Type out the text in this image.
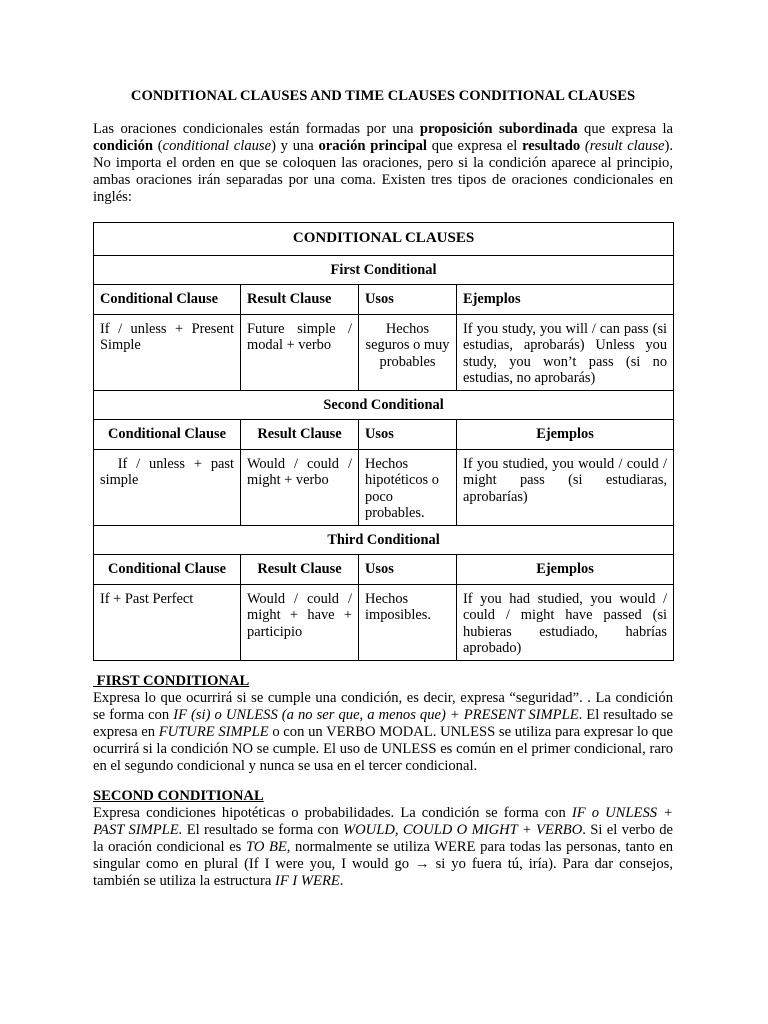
CONDITIONAL CLAUSES AND TIME CLAUSES CONDITIONAL CLAUSES

Las oraciones condicionales están formadas por una proposición subordinada que expresa la condición (conditional clause) y una oración principal que expresa el resultado (result clause). No importa el orden en que se coloquen las oraciones, pero si la condición aparece al principio, ambas oraciones irán separadas por una coma. Existen tres tipos de oraciones condicionales en inglés:

CONDITIONAL CLAUSES			
First Conditional			
Conditional Clause	Result Clause	Usos	Ejemplos
If / unless + Present Simple	Future simple / modal + verbo	Hechos seguros o muy probables	If you study, you will / can pass (si estudias, aprobarás) Unless you study, you won’t pass (si no estudias, no aprobarás)
Second Conditional			
Conditional Clause	Result Clause	Usos	Ejemplos
If / unless + past simple	Would / could / might + verbo	Hechos hipotéticos o poco probables.	If you studied, you would / could / might pass (si estudiaras, aprobarías)
Third Conditional			
Conditional Clause	Result Clause	Usos	Ejemplos
If + Past Perfect	Would / could / might + have + participio	Hechos imposibles.	If you had studied, you would / could / might have passed (si hubieras estudiado, habrías aprobado)

FIRST CONDITIONAL

Expresa lo que ocurrirá si se cumple una condición, es decir, expresa “seguridad”. . La condición se forma con IF (si) o UNLESS (a no ser que, a menos que) + PRESENT SIMPLE. El resultado se expresa en FUTURE SIMPLE o con un VERBO MODAL. UNLESS se utiliza para expresar lo que ocurrirá si la condición NO se cumple. El uso de UNLESS es común en el primer condicional, raro en el segundo condicional y nunca se usa en el tercer condicional.

SECOND CONDITIONAL

Expresa condiciones hipotéticas o probabilidades. La condición se forma con IF o UNLESS + PAST SIMPLE. El resultado se forma con WOULD, COULD O MIGHT + VERBO. Si el verbo de la oración condicional es TO BE, normalmente se utiliza WERE para todas las personas, tanto en singular como en plural (If I were you, I would go → si yo fuera tú, iría). Para dar consejos, también se utiliza la estructura IF I WERE.
